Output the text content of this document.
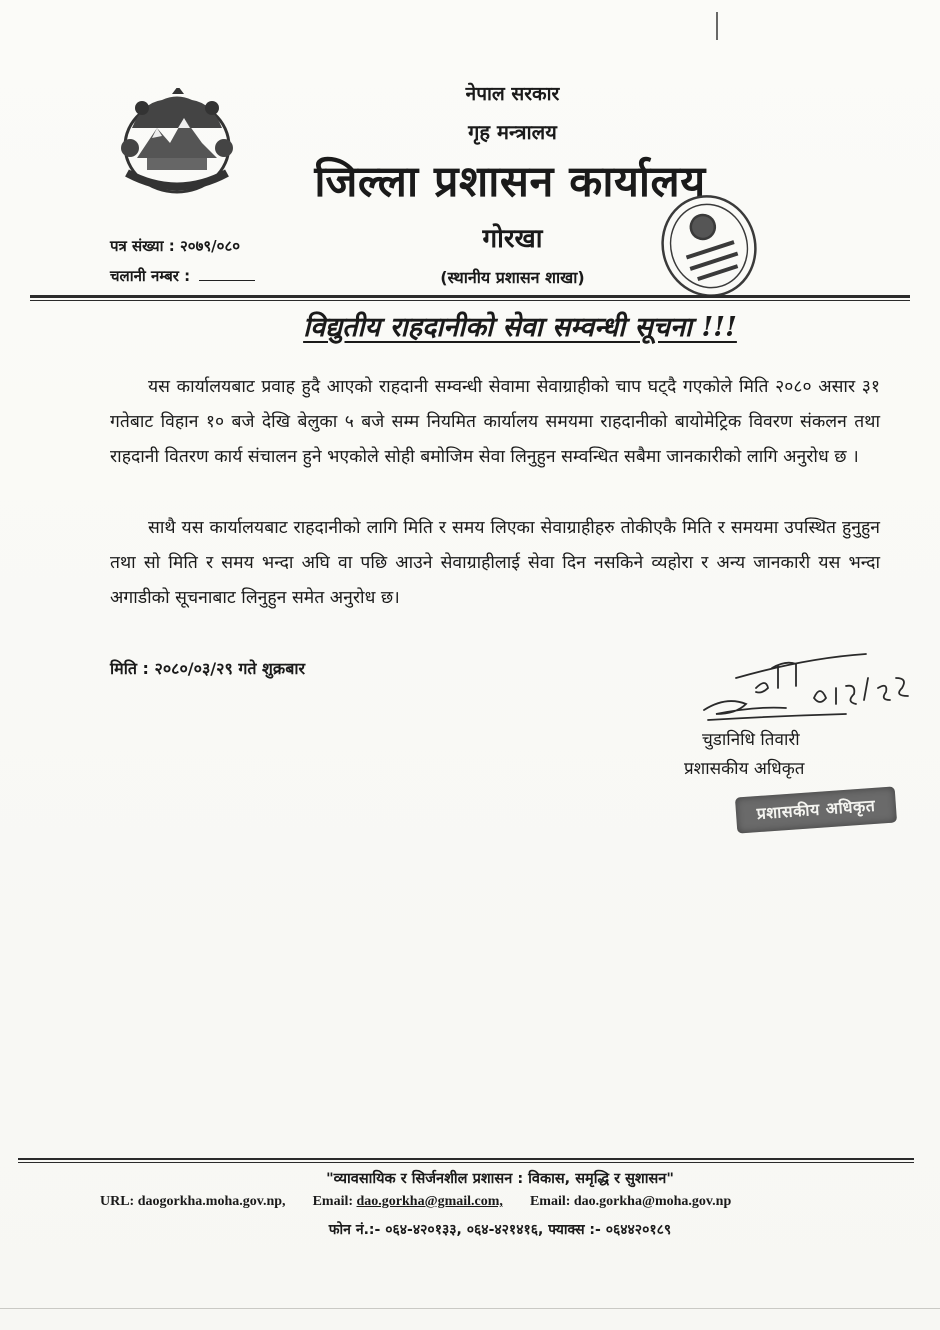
नेपाल सरकार
गृह मन्त्रालय
जिल्ला प्रशासन कार्यालय
गोरखा
(स्थानीय प्रशासन शाखा)
पत्र संख्या : २०७९/०८०
चलानी नम्बर :
विद्युतीय राहदानीको सेवा सम्वन्धी सूचना !!!

यस कार्यालयबाट प्रवाह हुदै आएको राहदानी सम्वन्धी सेवामा सेवाग्राहीको चाप घट्दै गएकोले मिति २०८० असार ३१ गतेबाट विहान १० बजे देखि बेलुका ५ बजे सम्म नियमित कार्यालय समयमा राहदानीको बायोमेट्रिक विवरण संकलन तथा राहदानी वितरण कार्य संचालन हुने भएकोले सोही बमोजिम सेवा लिनुहुन सम्वन्धित सबैमा जानकारीको लागि अनुरोध छ ।

साथै यस कार्यालयबाट राहदानीको लागि मिति र समय लिएका सेवाग्राहीहरु तोकीएकै मिति र समयमा उपस्थित हुनुहुन तथा सो मिति र समय भन्दा अघि वा पछि आउने सेवाग्राहीलाई सेवा दिन नसकिने व्यहोरा र अन्य जानकारी यस भन्दा अगाडीको सूचनाबाट लिनुहुन समेत अनुरोध छ।

मिति : २०८०/०३/२९ गते शुक्रबार
चुडानिधि तिवारी
प्रशासकीय अधिकृत
प्रशासकीय अधिकृत
"व्यावसायिक र सिर्जनशील प्रशासन : विकास, समृद्धि र सुशासन"
URL: daogorkha.moha.gov.np, Email: dao.gorkha@gmail.com, Email: dao.gorkha@moha.gov.np
फोन नं.:- ०६४-४२०१३३, ०६४-४२१४१६, फ्याक्स :- ०६४४२०१८९
